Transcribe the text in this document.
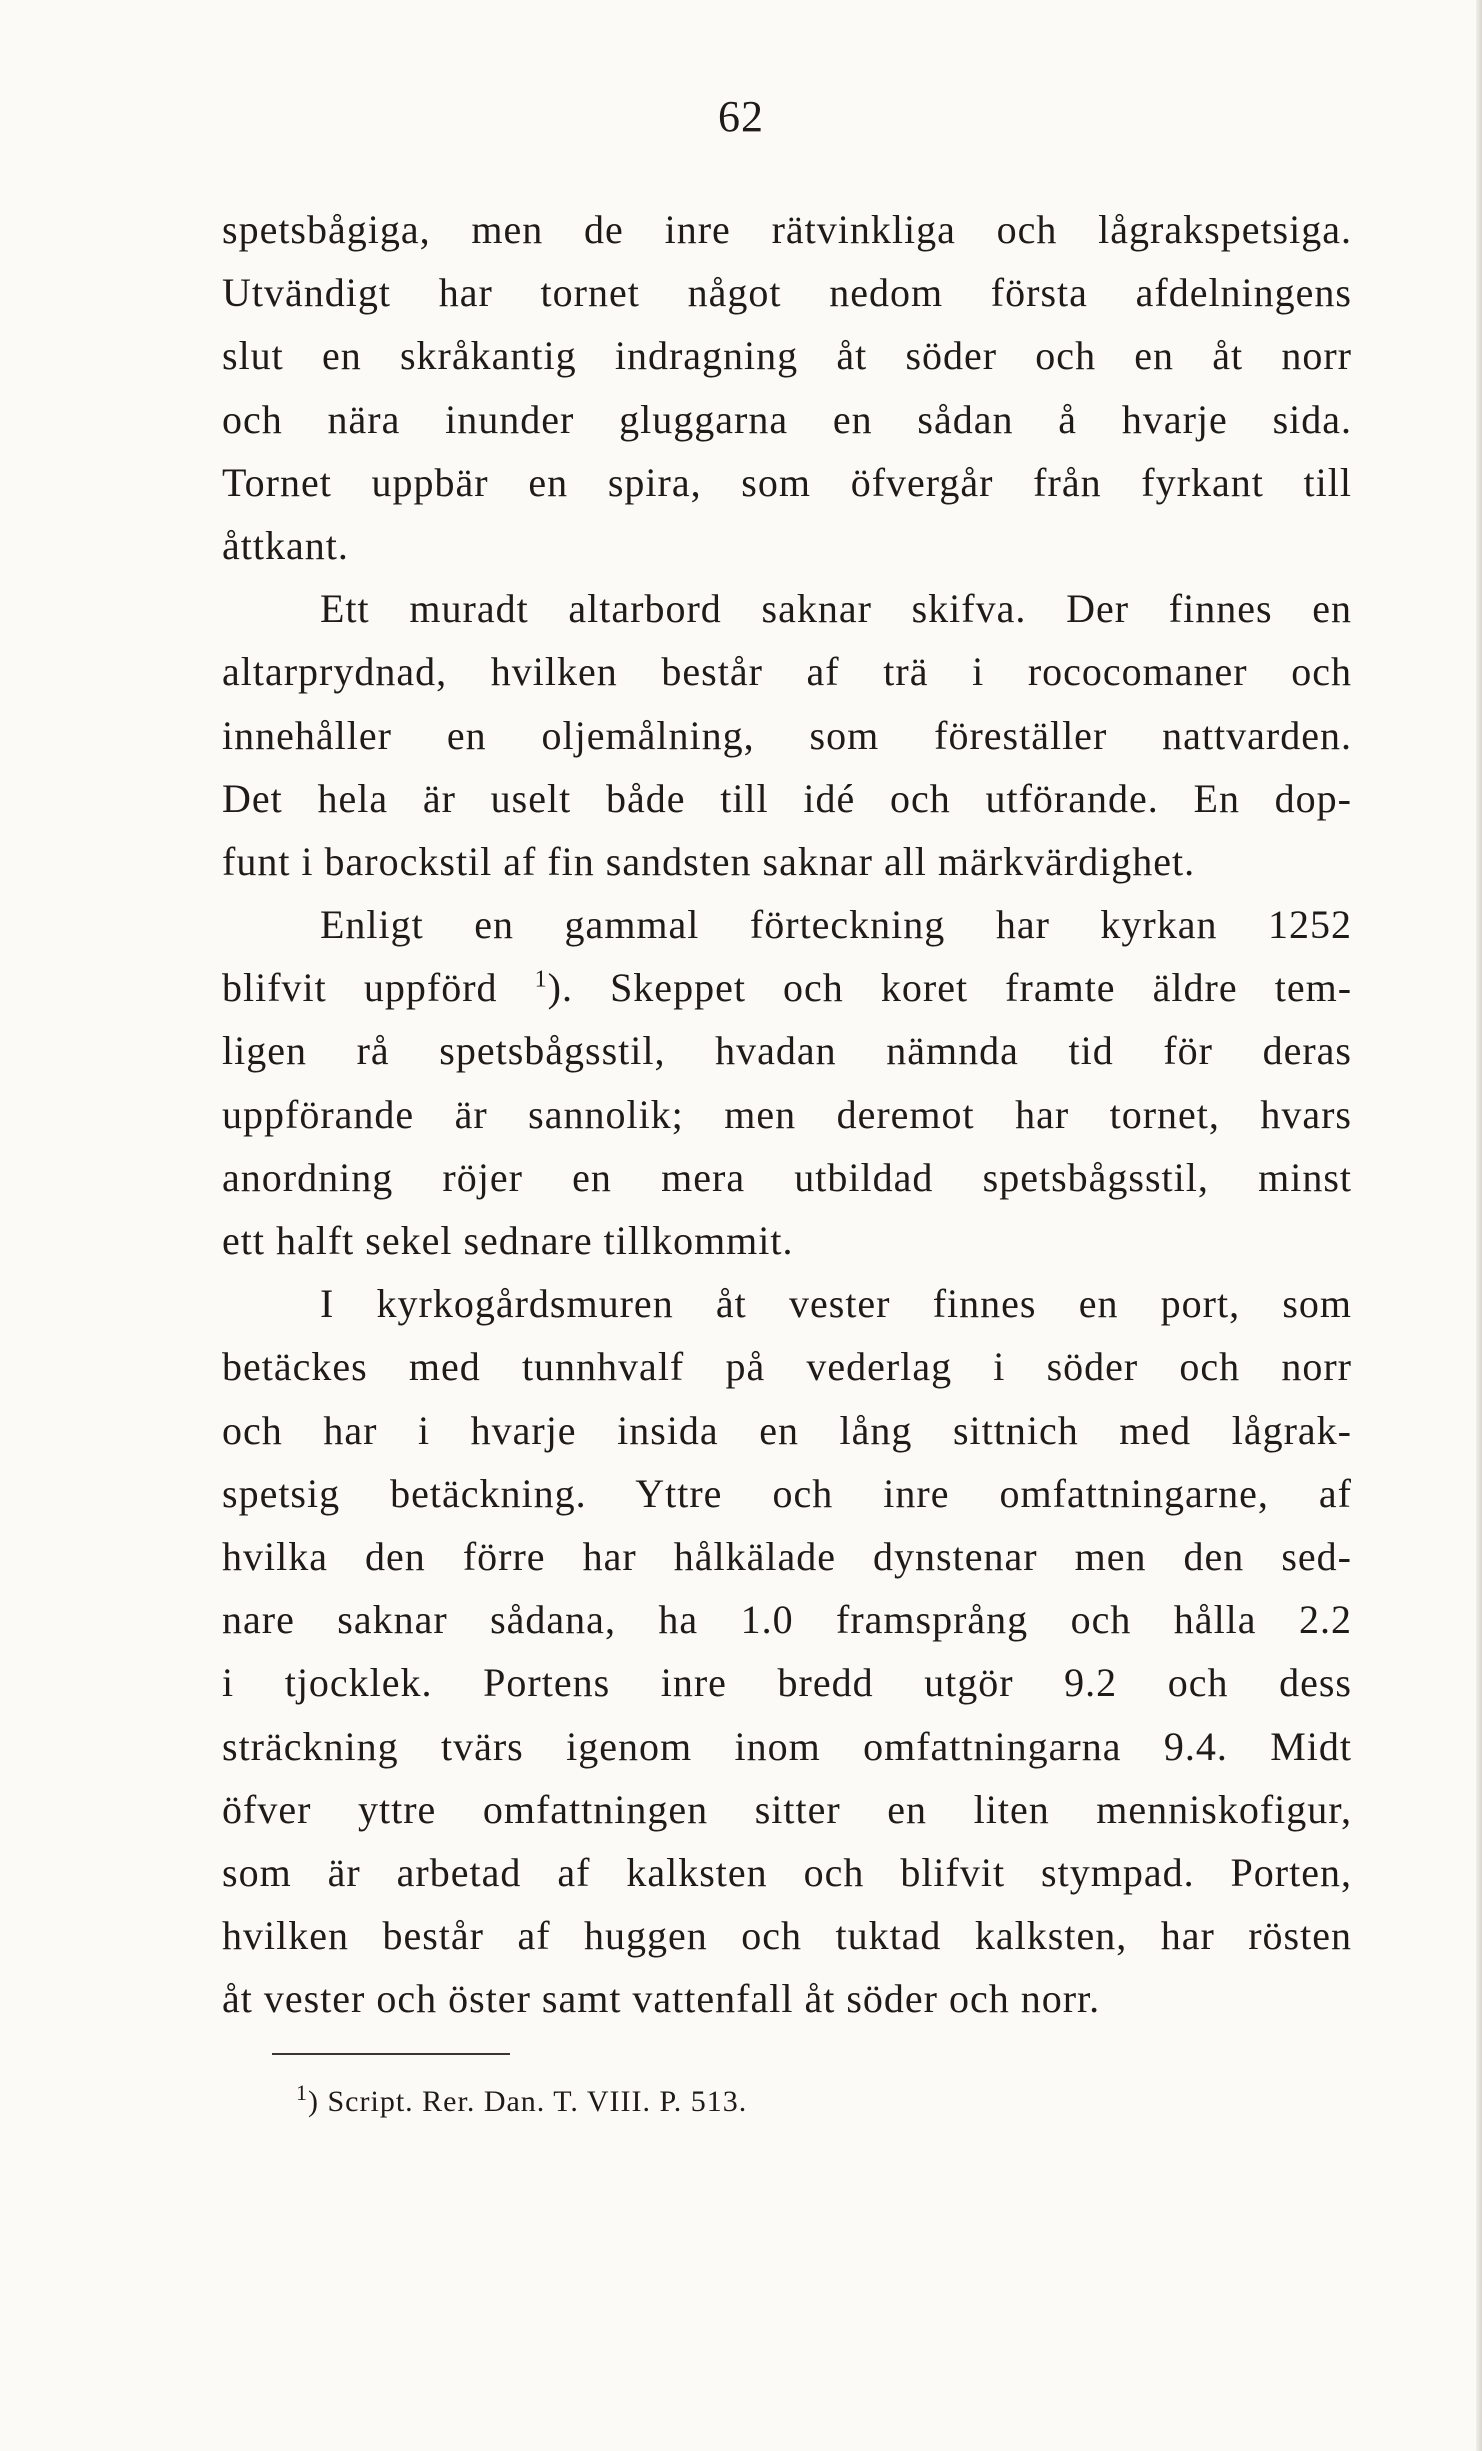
62
spetsbågiga, men de inre rätvinkliga och lågrakspetsiga.
Utvändigt har tornet något nedom första afdelningens
slut en skråkantig indragning åt söder och en åt norr
och nära inunder gluggarna en sådan å hvarje sida.
Tornet uppbär en spira, som öfvergår från fyrkant till
åttkant.
Ett muradt altarbord saknar skifva. Der finnes en
altarprydnad, hvilken består af trä i rococomaner och
innehåller en oljemålning, som föreställer nattvarden.
Det hela är uselt både till idé och utförande. En dop-
funt i barockstil af fin sandsten saknar all märkvärdighet.
Enligt en gammal förteckning har kyrkan 1252
blifvit uppförd $^1$). Skeppet och koret framte äldre tem-
ligen rå spetsbågsstil, hvadan nämnda tid för deras
uppförande är sannolik; men deremot har tornet, hvars
anordning röjer en mera utbildad spetsbågsstil, minst
ett halft sekel sednare tillkommit.
I kyrkogårdsmuren åt vester finnes en port, som
betäckes med tunnhvalf på vederlag i söder och norr
och har i hvarje insida en lång sittnich med lågrak-
spetsig betäckning. Yttre och inre omfattningarne, af
hvilka den förre har hålkälade dynstenar men den sed-
nare saknar sådana, ha 1.0 framsprång och hålla 2.2
i tjocklek. Portens inre bredd utgör 9.2 och dess
sträckning tvärs igenom inom omfattningarna 9.4. Midt
öfver yttre omfattningen sitter en liten menniskofigur,
som är arbetad af kalksten och blifvit stympad. Porten,
hvilken består af huggen och tuktad kalksten, har rösten
åt vester och öster samt vattenfall åt söder och norr.
$^1$) Script. Rer. Dan. T. VIII. P. 513.
